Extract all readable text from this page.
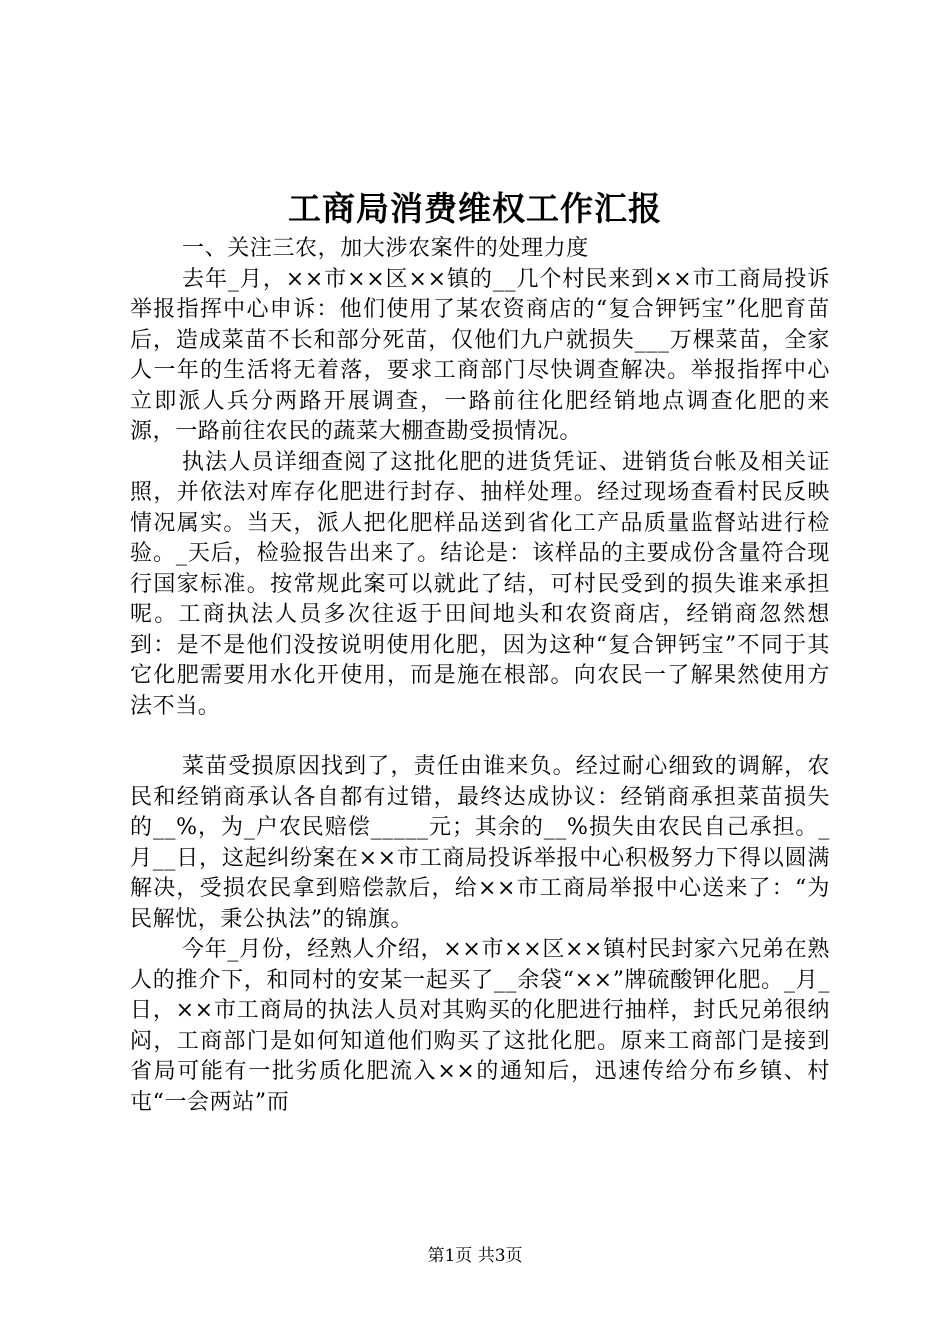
工商局消费维权工作汇报

一、关注三农，加大涉农案件的处理力度

去年_月，××市××区××镇的__几个村民来到××市工商局投诉举报指挥中心申诉：他们使用了某农资商店的“复合钾钙宝”化肥育苗后，造成菜苗不长和部分死苗，仅他们九户就损失___万棵菜苗，全家人一年的生活将无着落，要求工商部门尽快调查解决。举报指挥中心立即派人兵分两路开展调查，一路前往化肥经销地点调查化肥的来源，一路前往农民的蔬菜大棚查勘受损情况。

执法人员详细查阅了这批化肥的进货凭证、进销货台帐及相关证照，并依法对库存化肥进行封存、抽样处理。经过现场查看村民反映情况属实。当天，派人把化肥样品送到省化工产品质量监督站进行检验。_天后，检验报告出来了。结论是：该样品的主要成份含量符合现行国家标准。按常规此案可以就此了结，可村民受到的损失谁来承担呢。工商执法人员多次往返于田间地头和农资商店，经销商忽然想到：是不是他们没按说明使用化肥，因为这种“复合钾钙宝”不同于其它化肥需要用水化开使用，而是施在根部。向农民一了解果然使用方法不当。

菜苗受损原因找到了，责任由谁来负。经过耐心细致的调解，农民和经销商承认各自都有过错，最终达成协议：经销商承担菜苗损失的__%，为_户农民赔偿_____元；其余的__%损失由农民自己承担。_月__日，这起纠纷案在××市工商局投诉举报中心积极努力下得以圆满解决，受损农民拿到赔偿款后，给××市工商局举报中心送来了：“为民解忧，秉公执法”的锦旗。

今年_月份，经熟人介绍，××市××区××镇村民封家六兄弟在熟人的推介下，和同村的安某一起买了__余袋“××”牌硫酸钾化肥。_月_日，××市工商局的执法人员对其购买的化肥进行抽样，封氏兄弟很纳闷，工商部门是如何知道他们购买了这批化肥。原来工商部门是接到省局可能有一批劣质化肥流入××的通知后，迅速传给分布乡镇、村屯“一会两站”而

第1页 共3页
